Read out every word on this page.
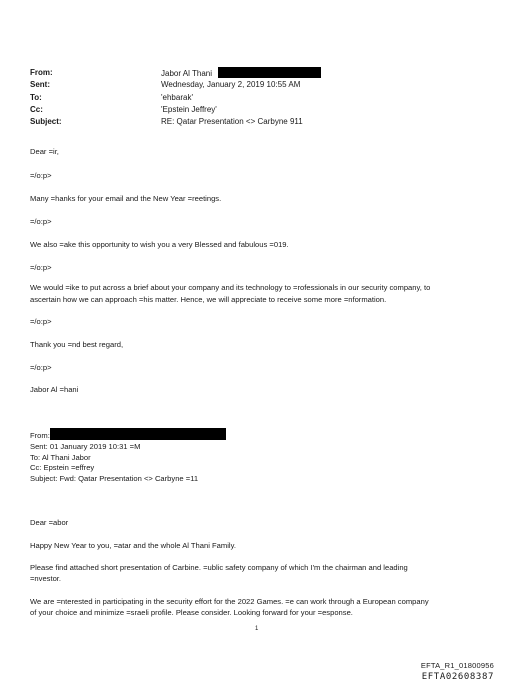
From:	Jabor Al Thani
Sent:	Wednesday, January 2, 2019 10:55 AM
To:	'ehbarak'
Cc:	'Epstein Jeffrey'
Subject:	RE: Qatar Presentation <> Carbyne 911
Dear =ir,
=/o:p>
Many =hanks for your email and the New Year =reetings.
=/o:p>
We also =ake this opportunity to wish you a very Blessed and fabulous =019.
=/o:p>
We would =ike to put across a brief about your company and its technology to =rofessionals in our security company, to
ascertain how we can approach =his matter. Hence, we will appreciate to receive some more =nformation.
=/o:p>
Thank you =nd best regard,
=/o:p>
Jabor Al =hani
From:
Sent: 01 January 2019 10:31 =M
To: Al Thani Jabor
Cc: Epstein =effrey
Subject: Fwd: Qatar Presentation <> Carbyne =11
Dear =abor
Happy New Year to you, =atar and the whole Al Thani Family.
Please find attached short presentation of Carbine. =ublic safety company of which I'm the chairman and leading
=nvestor.
We are =nterested in participating in the security effort for the 2022 Games. =e can work through a European company
of your choice and minimize =sraeli profile. Please consider. Looking forward for your =esponse.
1
EFTA_R1_01800956
EFTA02608387
